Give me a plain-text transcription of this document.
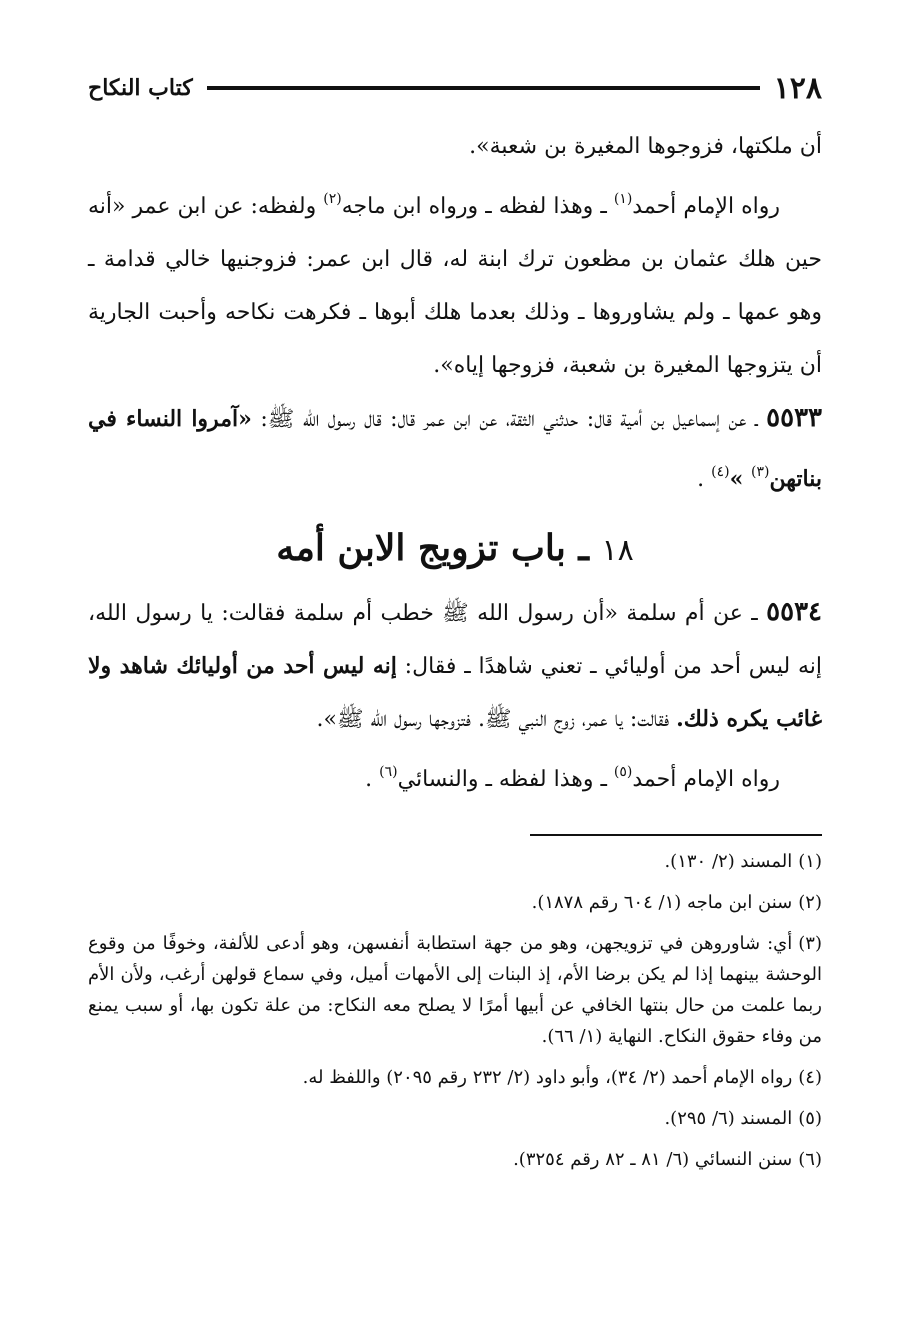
١٢٨
كتاب النكاح

أن ملكتها، فزوجوها المغيرة بن شعبة».

رواه الإمام أحمد$^{(١)}$ ـ وهذا لفظه ـ ورواه ابن ماجه$^{(٢)}$ ولفظه: عن ابن عمر «أنه حين هلك عثمان بن مظعون ترك ابنة له، قال ابن عمر: فزوجنيها خالي قدامة ـ وهو عمها ـ ولم يشاوروها ـ وذلك بعدما هلك أبوها ـ فكرهت نكاحه وأحبت الجارية أن يتزوجها المغيرة بن شعبة، فزوجها إياه».

٥٥٣٣ ـ عن إسماعيل بن أمية قال: حدثني الثقة، عن ابن عمر قال: قال رسول الله ﷺ: «آمروا النساء في بناتهن$^{(٣)}$ »$^{(٤)}$ .

١٨ ـ باب تزويج الابن أمه

٥٥٣٤ ـ عن أم سلمة «أن رسول الله ﷺ خطب أم سلمة فقالت: يا رسول الله، إنه ليس أحد من أوليائي ـ تعني شاهدًا ـ فقال: إنه ليس أحد من أوليائك شاهد ولا غائب يكره ذلك. فقالت: يا عمر، زوج النبي ﷺ. فتزوجها رسول الله ﷺ».

رواه الإمام أحمد$^{(٥)}$ ـ وهذا لفظه ـ والنسائي$^{(٦)}$ .

(١)المسند (٢/ ١٣٠).
(٢)سنن ابن ماجه (١/ ٦٠٤ رقم ١٨٧٨).
(٣)أي: شاوروهن في تزويجهن، وهو من جهة استطابة أنفسهن، وهو أدعى للألفة، وخوفًا من وقوع الوحشة بينهما إذا لم يكن برضا الأم، إذ البنات إلى الأمهات أميل، وفي سماع قولهن أرغب، ولأن الأم ربما علمت من حال بنتها الخافي عن أبيها أمرًا لا يصلح معه النكاح: من علة تكون بها، أو سبب يمنع من وفاء حقوق النكاح. النهاية (١/ ٦٦).
(٤)رواه الإمام أحمد (٢/ ٣٤)، وأبو داود (٢/ ٢٣٢ رقم ٢٠٩٥) واللفظ له.
(٥)المسند (٦/ ٢٩٥).
(٦)سنن النسائي (٦/ ٨١ ـ ٨٢ رقم ٣٢٥٤).
